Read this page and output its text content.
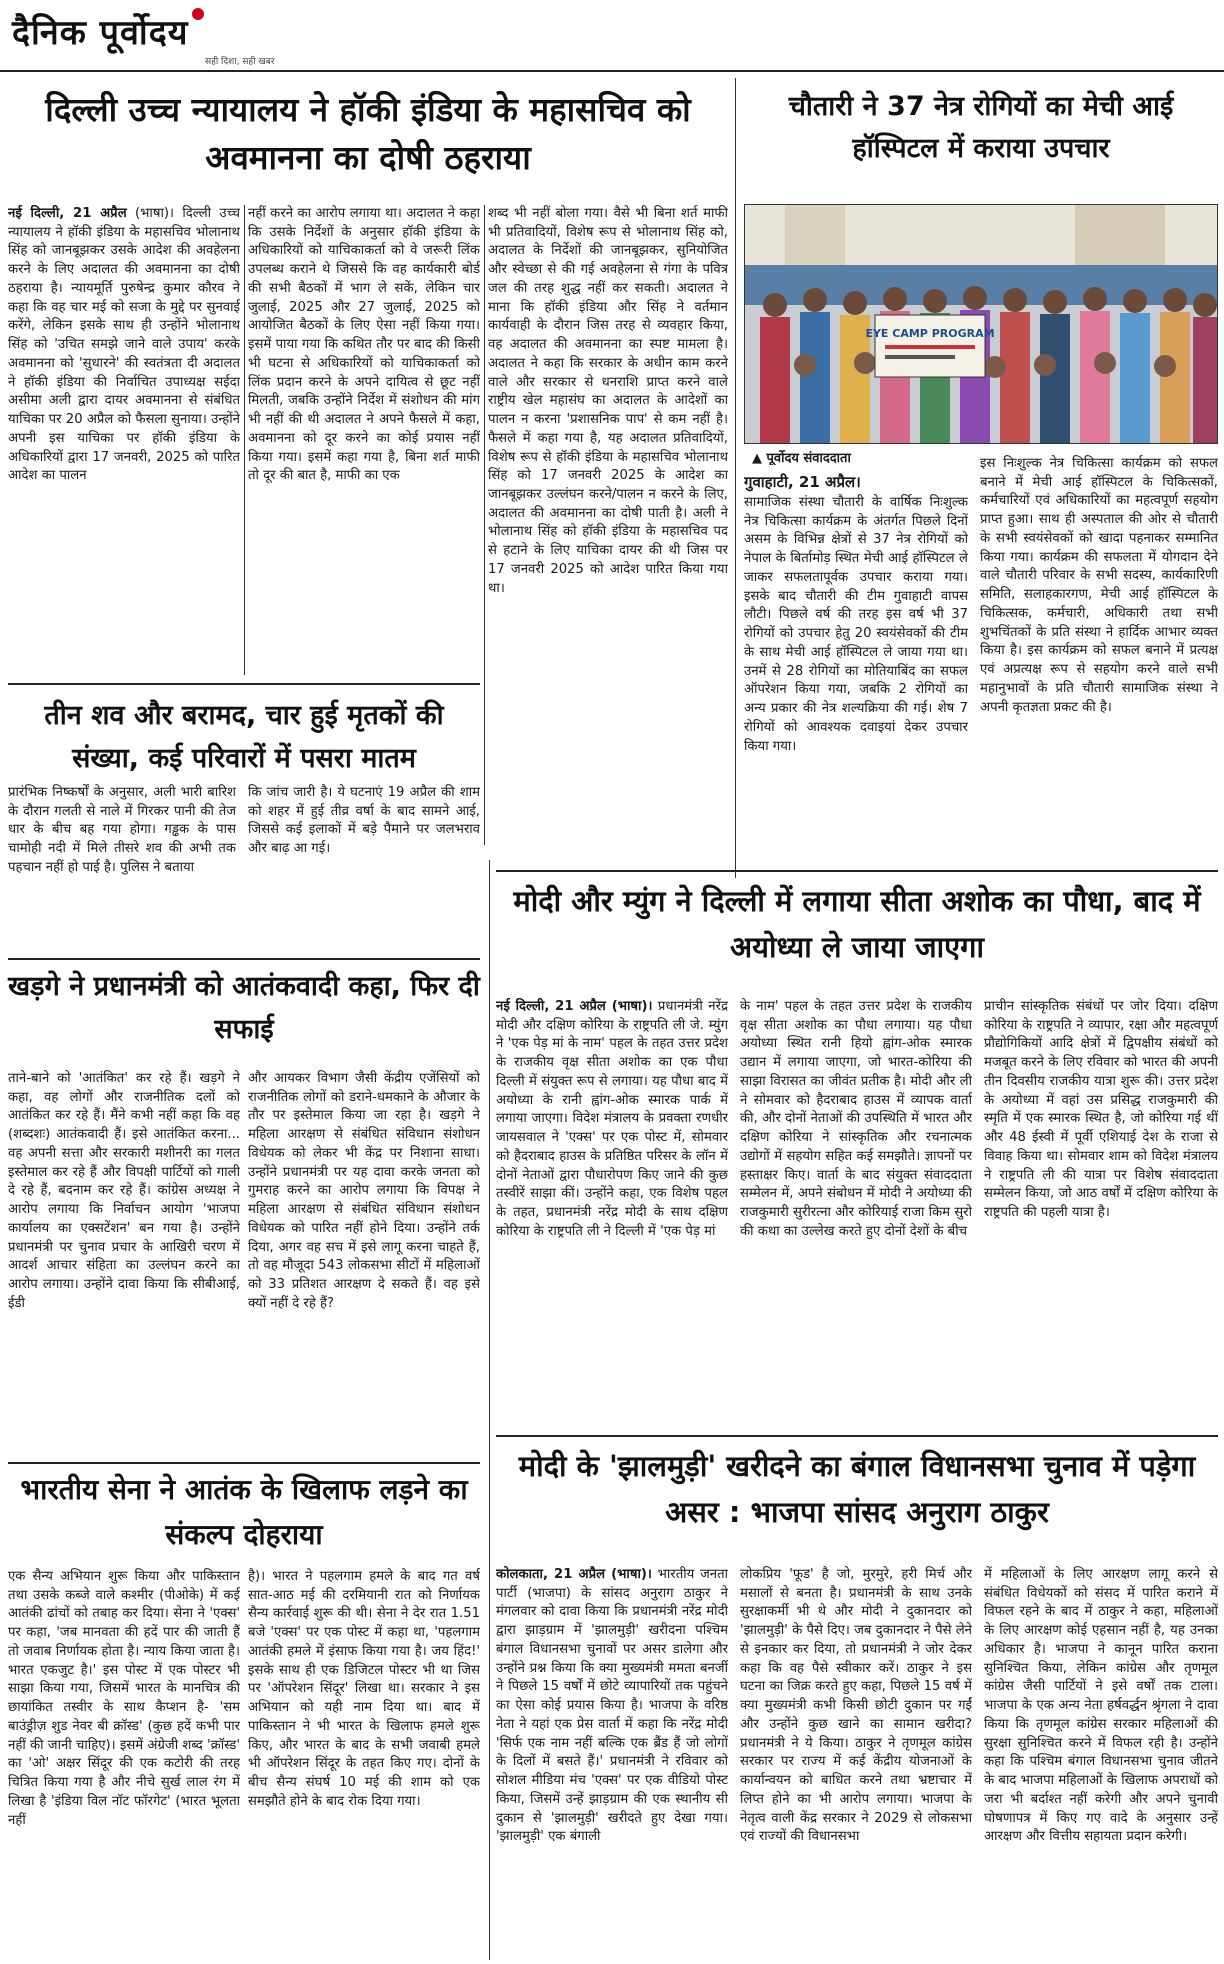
दैनिक पूर्वोदय
सही दिशा, सही खबर
दिल्ली उच्च न्यायालय ने हॉकी इंडिया के महासचिव को अवमानना का दोषी ठहराया
नई दिल्ली, 21 अप्रैल (भाषा)। दिल्ली उच्च न्यायालय ने हॉकी इंडिया के महासचिव भोलानाथ सिंह को जानबूझकर उसके आदेश की अवहेलना करने के लिए अदालत की अवमानना का दोषी ठहराया है। न्यायमूर्ति पुरुषेन्द्र कुमार कौरव ने कहा कि वह चार मई को सजा के मुद्दे पर सुनवाई करेंगे, लेकिन इसके साथ ही उन्होंने भोलानाथ सिंह को 'उचित समझे जाने वाले उपाय' करके अवमानना को 'सुधारने' की स्वतंत्रता दी अदालत ने हॉकी इंडिया की निर्वाचित उपाध्यक्ष सईदा असीमा अली द्वारा दायर अवमानना से संबंधित याचिका पर 20 अप्रैल को फैसला सुनाया। उन्होंने अपनी इस याचिका पर हॉकी इंडिया के अधिकारियों द्वारा 17 जनवरी, 2025 को पारित आदेश का पालन
नहीं करने का आरोप लगाया था। अदालत ने कहा कि उसके निर्देशों के अनुसार हॉकी इंडिया के अधिकारियों को याचिकाकर्ता को वे जरूरी लिंक उपलब्ध कराने थे जिससे कि वह कार्यकारी बोर्ड की सभी बैठकों में भाग ले सकें, लेकिन चार जुलाई, 2025 और 27 जुलाई, 2025 को आयोजित बैठकों के लिए ऐसा नहीं किया गया। इसमें पाया गया कि कथित तौर पर बाद की किसी भी घटना से अधिकारियों को याचिकाकर्ता को लिंक प्रदान करने के अपने दायित्व से छूट नहीं मिलती, जबकि उन्होंने निर्देश में संशोधन की मांग भी नहीं की थी अदालत ने अपने फैसले में कहा, अवमानना को दूर करने का कोई प्रयास नहीं किया गया। इसमें कहा गया है, बिना शर्त माफी तो दूर की बात है, माफी का एक
शब्द भी नहीं बोला गया। वैसे भी बिना शर्त माफी भी प्रतिवादियों, विशेष रूप से भोलानाथ सिंह को, अदालत के निर्देशों की जानबूझकर, सुनियोजित और स्वेच्छा से की गई अवहेलना से गंगा के पवित्र जल की तरह शुद्ध नहीं कर सकती। अदालत ने माना कि हॉकी इंडिया और सिंह ने वर्तमान कार्यवाही के दौरान जिस तरह से व्यवहार किया, वह अदालत की अवमानना का स्पष्ट मामला है। अदालत ने कहा कि सरकार के अधीन काम करने वाले और सरकार से धनराशि प्राप्त करने वाले राष्ट्रीय खेल महासंघ का अदालत के आदेशों का पालन न करना 'प्रशासनिक पाप' से कम नहीं है। फैसले में कहा गया है, यह अदालत प्रतिवादियों, विशेष रूप से हॉकी इंडिया के महासचिव भोलानाथ सिंह को 17 जनवरी 2025 के आदेश का जानबूझकर उल्लंघन करने/पालन न करने के लिए, अदालत की अवमानना का दोषी पाती है। अली ने भोलानाथ सिंह को हॉकी इंडिया के महासचिव पद से हटाने के लिए याचिका दायर की थी जिस पर 17 जनवरी 2025 को आदेश पारित किया गया था।
चौतारी ने 37 नेत्र रोगियों का मेची आई हॉस्पिटल में कराया उपचार
EYE CAMP PROGRAM
▲ पूर्वोदय संवाददाता
गुवाहाटी, 21 अप्रैल।
सामाजिक संस्था चौतारी के वार्षिक निःशुल्क नेत्र चिकित्सा कार्यक्रम के अंतर्गत पिछले दिनों असम के विभिन्न क्षेत्रों से 37 नेत्र रोगियों को नेपाल के बिर्तामोड़ स्थित मेची आई हॉस्पिटल ले जाकर सफलतापूर्वक उपचार कराया गया। इसके बाद चौतारी की टीम गुवाहाटी वापस लौटी। पिछले वर्ष की तरह इस वर्ष भी 37 रोगियों को उपचार हेतु 20 स्वयंसेवकों की टीम के साथ मेची आई हॉस्पिटल ले जाया गया था। उनमें से 28 रोगियों का मोतियाबिंद का सफल ऑपरेशन किया गया, जबकि 2 रोगियों का अन्य प्रकार की नेत्र शल्यक्रिया की गई। शेष 7 रोगियों को आवश्यक दवाइयां देकर उपचार किया गया।
इस निःशुल्क नेत्र चिकित्सा कार्यक्रम को सफल बनाने में मेची आई हॉस्पिटल के चिकित्सकों, कर्मचारियों एवं अधिकारियों का महत्वपूर्ण सहयोग प्राप्त हुआ। साथ ही अस्पताल की ओर से चौतारी के सभी स्वयंसेवकों को खादा पहनाकर सम्मानित किया गया। कार्यक्रम की सफलता में योगदान देने वाले चौतारी परिवार के सभी सदस्य, कार्यकारिणी समिति, सलाहकारगण, मेची आई हॉस्पिटल के चिकित्सक, कर्मचारी, अधिकारी तथा सभी शुभचिंतकों के प्रति संस्था ने हार्दिक आभार व्यक्त किया है। इस कार्यक्रम को सफल बनाने में प्रत्यक्ष एवं अप्रत्यक्ष रूप से सहयोग करने वाले सभी महानुभावों के प्रति चौतारी सामाजिक संस्था ने अपनी कृतज्ञता प्रकट की है।
तीन शव और बरामद, चार हुई मृतकों की संख्या, कई परिवारों में पसरा मातम
प्रारंभिक निष्कर्षों के अनुसार, अली भारी बारिश के दौरान गलती से नाले में गिरकर पानी की तेज धार के बीच बह गया होगा। गड्ढक के पास चामोही नदी में मिले तीसरे शव की अभी तक पहचान नहीं हो पाई है। पुलिस ने बताया
कि जांच जारी है। ये घटनाएं 19 अप्रैल की शाम को शहर में हुई तीव्र वर्षा के बाद सामने आई, जिससे कई इलाकों में बड़े पैमाने पर जलभराव और बाढ़ आ गई।
खड़गे ने प्रधानमंत्री को आतंकवादी कहा, फिर दी सफाई
ताने-बाने को 'आतंकित' कर रहे हैं। खड़गे ने कहा, वह लोगों और राजनीतिक दलों को आतंकित कर रहे हैं। मैंने कभी नहीं कहा कि वह (शब्दशः) आतंकवादी हैं। इसे आतंकित करना... वह अपनी सत्ता और सरकारी मशीनरी का गलत इस्तेमाल कर रहे हैं और विपक्षी पार्टियों को गाली दे रहे हैं, बदनाम कर रहे हैं। कांग्रेस अध्यक्ष ने आरोप लगाया कि निर्वाचन आयोग 'भाजपा कार्यालय का एक्सटेंशन' बन गया है। उन्होंने प्रधानमंत्री पर चुनाव प्रचार के आखिरी चरण में आदर्श आचार संहिता का उल्लंघन करने का आरोप लगाया। उन्होंने दावा किया कि सीबीआई, ईडी
और आयकर विभाग जैसी केंद्रीय एजेंसियों को राजनीतिक लोगों को डराने-धमकाने के औजार के तौर पर इस्तेमाल किया जा रहा है। खड़गे ने महिला आरक्षण से संबंधित संविधान संशोधन विधेयक को लेकर भी केंद्र पर निशाना साधा। उन्होंने प्रधानमंत्री पर यह दावा करके जनता को गुमराह करने का आरोप लगाया कि विपक्ष ने महिला आरक्षण से संबंधित संविधान संशोधन विधेयक को पारित नहीं होने दिया। उन्होंने तर्क दिया, अगर वह सच में इसे लागू करना चाहते हैं, तो वह मौजूदा 543 लोकसभा सीटों में महिलाओं को 33 प्रतिशत आरक्षण दे सकते हैं। वह इसे क्यों नहीं दे रहे हैं?
मोदी और म्युंग ने दिल्ली में लगाया सीता अशोक का पौधा, बाद में अयोध्या ले जाया जाएगा
नई दिल्ली, 21 अप्रैल (भाषा)। प्रधानमंत्री नरेंद्र मोदी और दक्षिण कोरिया के राष्ट्रपति ली जे. म्युंग ने 'एक पेड़ मां के नाम' पहल के तहत उत्तर प्रदेश के राजकीय वृक्ष सीता अशोक का एक पौधा दिल्ली में संयुक्त रूप से लगाया। यह पौधा बाद में अयोध्या के रानी ह्वांग-ओक स्मारक पार्क में लगाया जाएगा। विदेश मंत्रालय के प्रवक्ता रणधीर जायसवाल ने 'एक्स' पर एक पोस्ट में, सोमवार को हैदराबाद हाउस के प्रतिष्ठित परिसर के लॉन में दोनों नेताओं द्वारा पौधारोपण किए जाने की कुछ तस्वीरें साझा कीं। उन्होंने कहा, एक विशेष पहल के तहत, प्रधानमंत्री नरेंद्र मोदी के साथ दक्षिण कोरिया के राष्ट्रपति ली ने दिल्ली में 'एक पेड़ मां
के नाम' पहल के तहत उत्तर प्रदेश के राजकीय वृक्ष सीता अशोक का पौधा लगाया। यह पौधा अयोध्या स्थित रानी हियो ह्वांग-ओक स्मारक उद्यान में लगाया जाएगा, जो भारत-कोरिया की साझा विरासत का जीवंत प्रतीक है। मोदी और ली ने सोमवार को हैदराबाद हाउस में व्यापक वार्ता की, और दोनों नेताओं की उपस्थिति में भारत और दक्षिण कोरिया ने सांस्कृतिक और रचनात्मक उद्योगों में सहयोग सहित कई समझौते। ज्ञापनों पर हस्ताक्षर किए। वार्ता के बाद संयुक्त संवाददाता सम्मेलन में, अपने संबोधन में मोदी ने अयोध्या की राजकुमारी सुरीरत्ना और कोरियाई राजा किम सुरो की कथा का उल्लेख करते हुए दोनों देशों के बीच
प्राचीन सांस्कृतिक संबंधों पर जोर दिया। दक्षिण कोरिया के राष्ट्रपति ने व्यापार, रक्षा और महत्वपूर्ण प्रौद्योगिकियों आदि क्षेत्रों में द्विपक्षीय संबंधों को मजबूत करने के लिए रविवार को भारत की अपनी तीन दिवसीय राजकीय यात्रा शुरू की। उत्तर प्रदेश के अयोध्या में वहां उस प्रसिद्ध राजकुमारी की स्मृति में एक स्मारक स्थित है, जो कोरिया गई थीं और 48 ईस्वी में पूर्वी एशियाई देश के राजा से विवाह किया था। सोमवार शाम को विदेश मंत्रालय ने राष्ट्रपति ली की यात्रा पर विशेष संवाददाता सम्मेलन किया, जो आठ वर्षों में दक्षिण कोरिया के राष्ट्रपति की पहली यात्रा है।
भारतीय सेना ने आतंक के खिलाफ लड़ने का संकल्प दोहराया
एक सैन्य अभियान शुरू किया और पाकिस्तान तथा उसके कब्जे वाले कश्मीर (पीओके) में कई आतंकी ढांचों को तबाह कर दिया। सेना ने 'एक्स' पर कहा, 'जब मानवता की हदें पार की जाती हैं तो जवाब निर्णायक होता है। न्याय किया जाता है। भारत एकजुट है।' इस पोस्ट में एक पोस्टर भी साझा किया गया, जिसमें भारत के मानचित्र की छायांकित तस्वीर के साथ कैप्शन है- 'सम बाउंड्रीज़ शुड नेवर बी क्रॉस्ड' (कुछ हदें कभी पार नहीं की जानी चाहिए)। इसमें अंग्रेजी शब्द 'क्रॉस्ड' का 'ओ' अक्षर सिंदूर की एक कटोरी की तरह चित्रित किया गया है और नीचे सुर्ख लाल रंग में लिखा है 'इंडिया विल नॉट फॉरगेट' (भारत भूलता नहीं
है)। भारत ने पहलगाम हमले के बाद गत वर्ष सात-आठ मई की दरमियानी रात को निर्णायक सैन्य कार्रवाई शुरू की थी। सेना ने देर रात 1.51 बजे 'एक्स' पर एक पोस्ट में कहा था, 'पहलगाम आतंकी हमले में इंसाफ किया गया है। जय हिंद!' इसके साथ ही एक डिजिटल पोस्टर भी था जिस पर 'ऑपरेशन सिंदूर' लिखा था। सरकार ने इस अभियान को यही नाम दिया था। बाद में पाकिस्तान ने भी भारत के खिलाफ हमले शुरू किए, और भारत के बाद के सभी जवाबी हमले भी ऑपरेशन सिंदूर के तहत किए गए। दोनों के बीच सैन्य संघर्ष 10 मई की शाम को एक समझौते होने के बाद रोक दिया गया।
मोदी के 'झालमुड़ी' खरीदने का बंगाल विधानसभा चुनाव में पड़ेगा असर : भाजपा सांसद अनुराग ठाकुर
कोलकाता, 21 अप्रैल (भाषा)। भारतीय जनता पार्टी (भाजपा) के सांसद अनुराग ठाकुर ने मंगलवार को दावा किया कि प्रधानमंत्री नरेंद्र मोदी द्वारा झाड़ग्राम में 'झालमुड़ी' खरीदना पश्चिम बंगाल विधानसभा चुनावों पर असर डालेगा और उन्होंने प्रश्न किया कि क्या मुख्यमंत्री ममता बनर्जी ने पिछले 15 वर्षों में छोटे व्यापारियों तक पहुंचने का ऐसा कोई प्रयास किया है। भाजपा के वरिष्ठ नेता ने यहां एक प्रेस वार्ता में कहा कि नरेंद्र मोदी 'सिर्फ एक नाम नहीं बल्कि एक ब्रैंड हैं जो लोगों के दिलों में बसते हैं।' प्रधानमंत्री ने रविवार को सोशल मीडिया मंच 'एक्स' पर एक वीडियो पोस्ट किया, जिसमें उन्हें झाड़ग्राम की एक स्थानीय सी दुकान से 'झालमुड़ी' खरीदते हुए देखा गया। 'झालमुड़ी' एक बंगाली
लोकप्रिय 'फूड' है जो, मुरमुरे, हरी मिर्च और मसालों से बनता है। प्रधानमंत्री के साथ उनके सुरक्षाकर्मी भी थे और मोदी ने दुकानदार को 'झालमुड़ी' के पैसे दिए। जब दुकानदार ने पैसे लेने से इनकार कर दिया, तो प्रधानमंत्री ने जोर देकर कहा कि वह पैसे स्वीकार करें। ठाकुर ने इस घटना का जिक्र करते हुए कहा, पिछले 15 वर्ष में क्या मुख्यमंत्री कभी किसी छोटी दुकान पर गईं और उन्होंने कुछ खाने का सामान खरीदा? प्रधानमंत्री ने ये किया। ठाकुर ने तृणमूल कांग्रेस सरकार पर राज्य में कई केंद्रीय योजनाओं के कार्यान्वयन को बाधित करने तथा भ्रष्टाचार में लिप्त होने का भी आरोप लगाया। भाजपा के नेतृत्व वाली केंद्र सरकार ने 2029 से लोकसभा एवं राज्यों की विधानसभा
में महिलाओं के लिए आरक्षण लागू करने से संबंधित विधेयकों को संसद में पारित कराने में विफल रहने के बाद में ठाकुर ने कहा, महिलाओं के लिए आरक्षण कोई एहसान नहीं है, यह उनका अधिकार है। भाजपा ने कानून पारित कराना सुनिश्चित किया, लेकिन कांग्रेस और तृणमूल कांग्रेस जैसी पार्टियों ने इसे वर्षों तक टाला। भाजपा के एक अन्य नेता हर्षवर्द्धन श्रृंगला ने दावा किया कि तृणमूल कांग्रेस सरकार महिलाओं की सुरक्षा सुनिश्चित करने में विफल रही है। उन्होंने कहा कि पश्चिम बंगाल विधानसभा चुनाव जीतने के बाद भाजपा महिलाओं के खिलाफ अपराधों को जरा भी बर्दाश्त नहीं करेगी और अपने चुनावी घोषणापत्र में किए गए वादे के अनुसार उन्हें आरक्षण और वित्तीय सहायता प्रदान करेगी।
